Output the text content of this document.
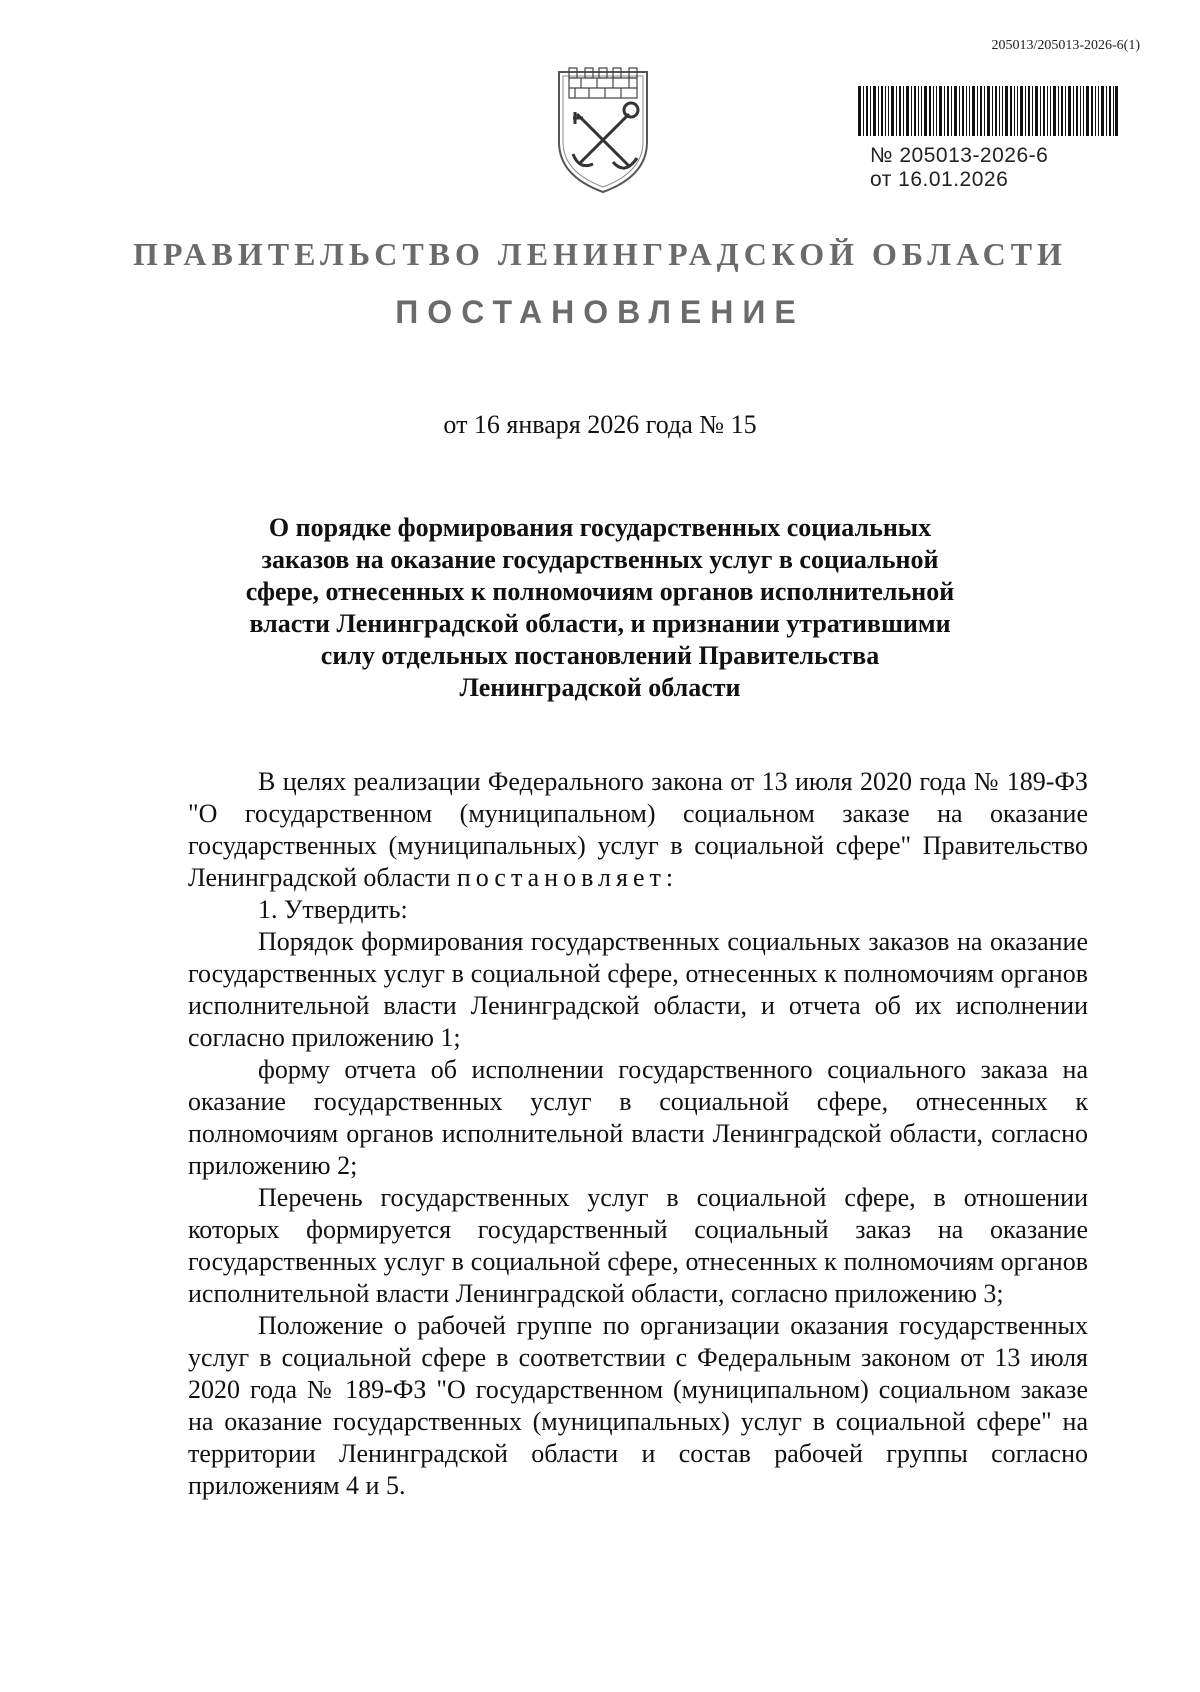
205013/205013-2026-6(1)
№ 205013-2026-6
от 16.01.2026
ПРАВИТЕЛЬСТВО ЛЕНИНГРАДСКОЙ ОБЛАСТИ
ПОСТАНОВЛЕНИЕ
от 16 января 2026 года № 15
О порядке формирования государственных социальных заказов на оказание государственных услуг в социальной сфере, отнесенных к полномочиям органов исполнительной власти Ленинградской области, и признании утратившими силу отдельных постановлений Правительства Ленинградской области

В целях реализации Федерального закона от 13 июля 2020 года № 189-ФЗ "О государственном (муниципальном) социальном заказе на оказание государственных (муниципальных) услуг в социальной сфере" Правительство Ленинградской области постановляет:

1. Утвердить:

Порядок формирования государственных социальных заказов на оказание государственных услуг в социальной сфере, отнесенных к полномочиям органов исполнительной власти Ленинградской области, и отчета об их исполнении согласно приложению 1;

форму отчета об исполнении государственного социального заказа на оказание государственных услуг в социальной сфере, отнесенных к полномочиям органов исполнительной власти Ленинградской области, согласно приложению 2;

Перечень государственных услуг в социальной сфере, в отношении которых формируется государственный социальный заказ на оказание государственных услуг в социальной сфере, отнесенных к полномочиям органов исполнительной власти Ленинградской области, согласно приложению 3;

Положение о рабочей группе по организации оказания государственных услуг в социальной сфере в соответствии с Федеральным законом от 13 июля 2020 года № 189-ФЗ "О государственном (муниципальном) социальном заказе на оказание государственных (муниципальных) услуг в социальной сфере" на территории Ленинградской области и состав рабочей группы согласно приложениям 4 и 5.
